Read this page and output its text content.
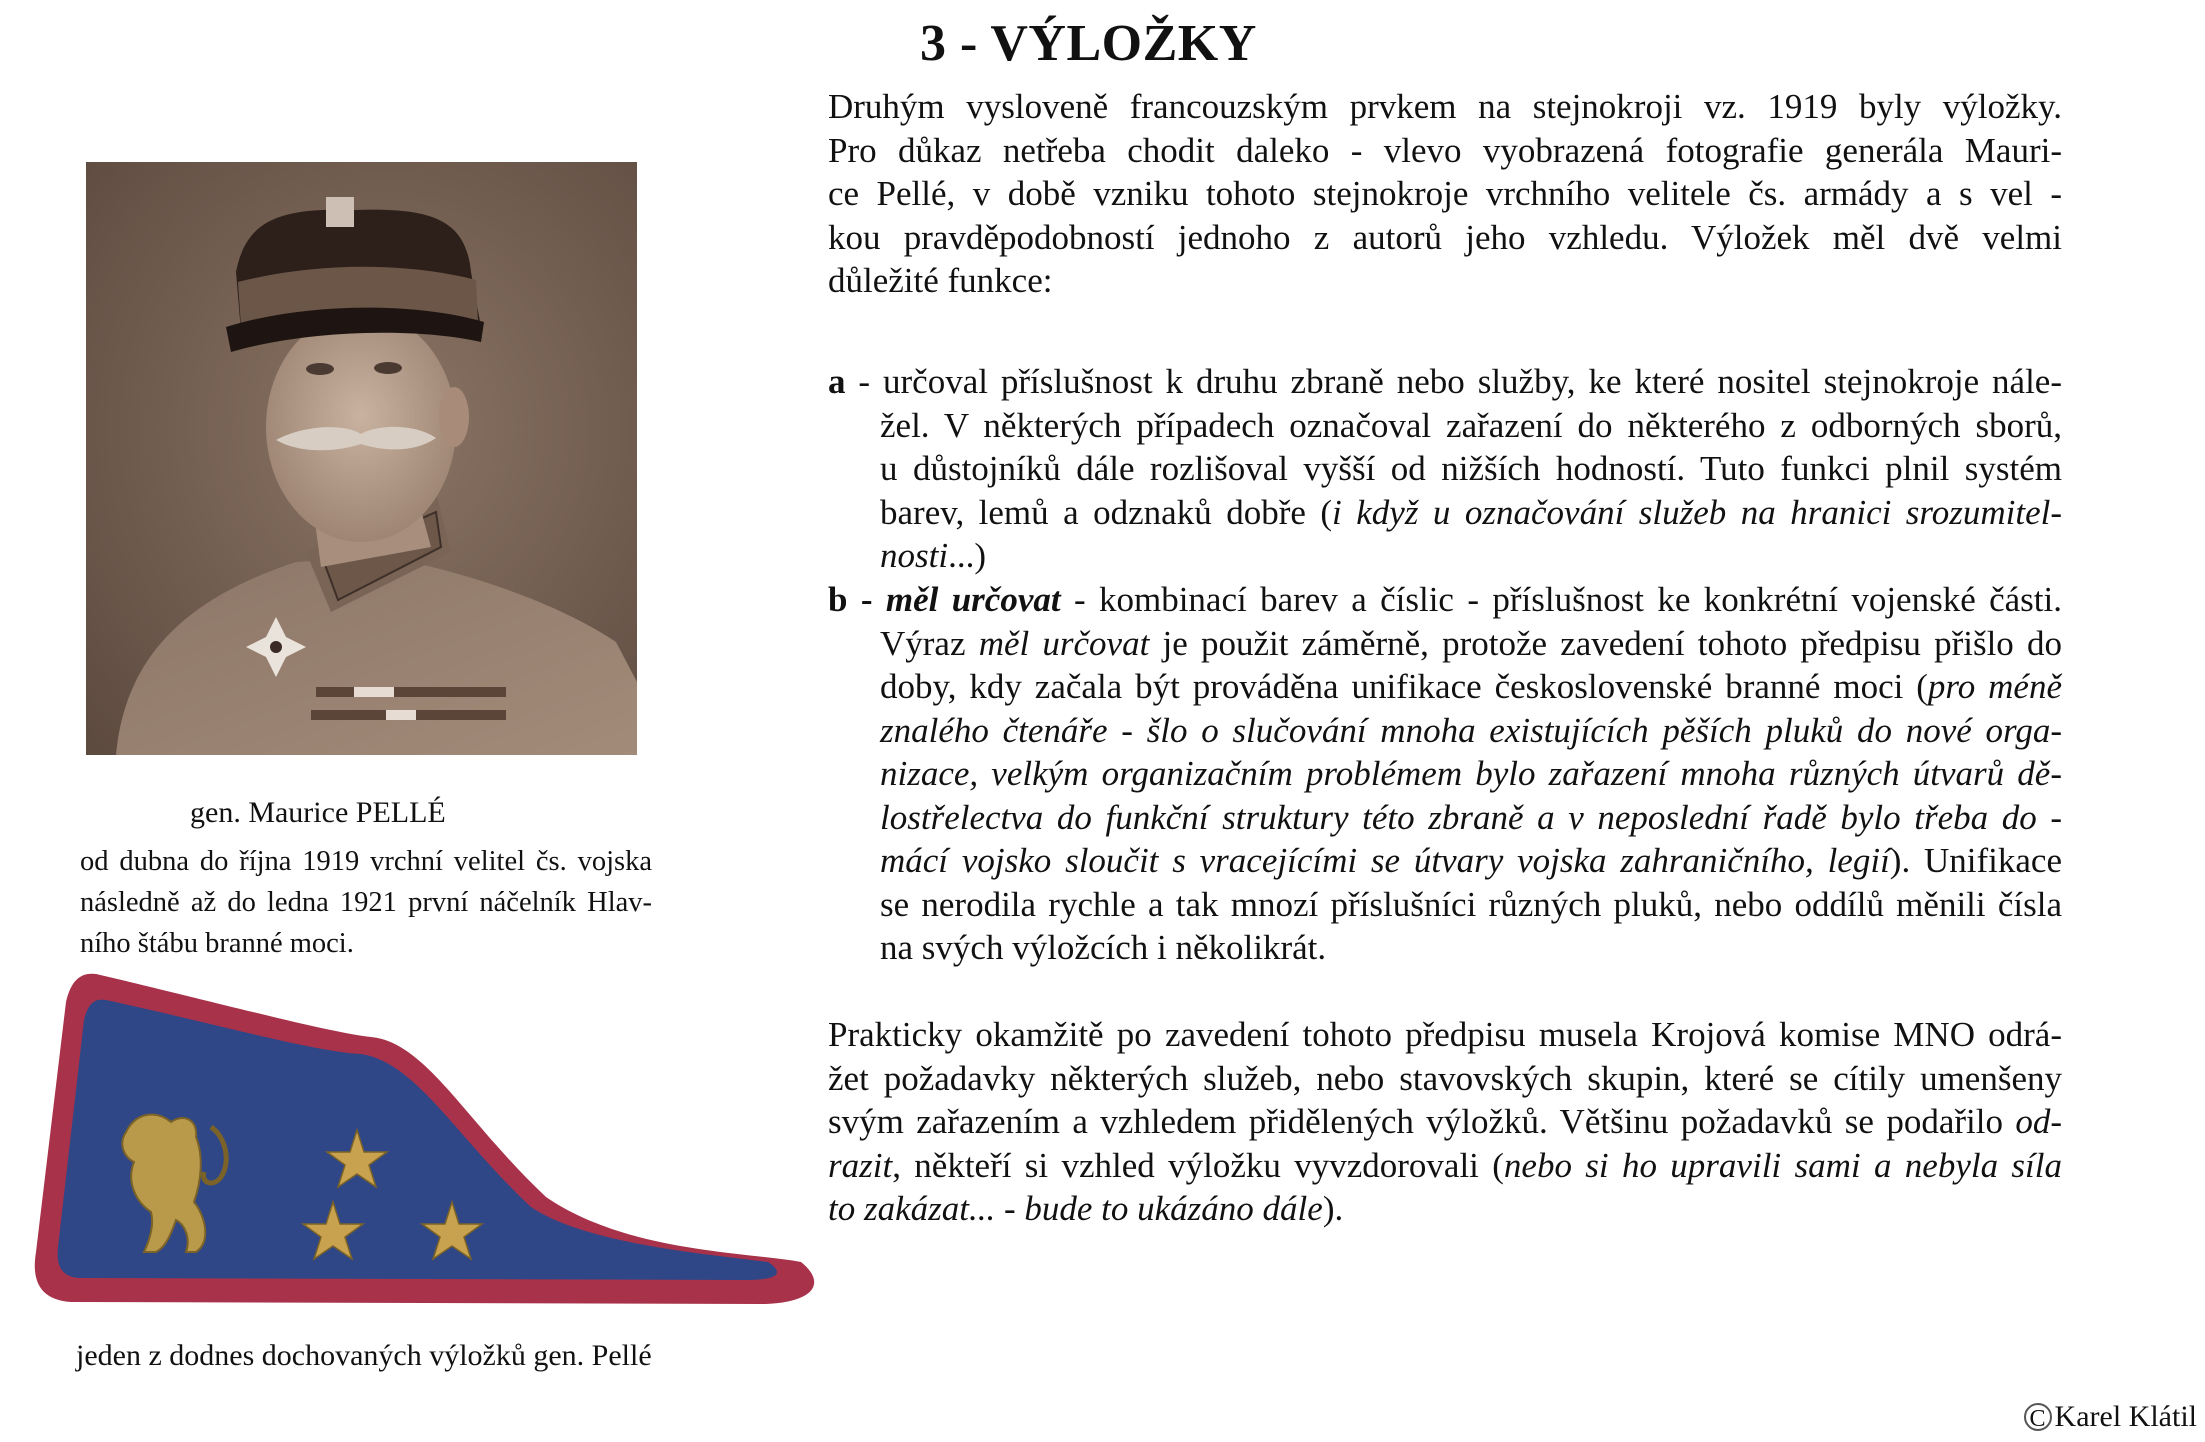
3 - VÝLOŽKY
Druhým vysloveně francouzským prvkem na stejnokroji vz. 1919 byly výložky.
Pro důkaz netřeba chodit daleko - vlevo vyobrazená fotografie generála Mauri-
ce Pellé, v době vzniku tohoto stejnokroje vrchního velitele čs. armády a s vel -
kou pravděpodobností jednoho z autorů jeho vzhledu. Výložek měl dvě velmi
důležité funkce:
a - určoval příslušnost k druhu zbraně nebo služby, ke které nositel stejnokroje nále-
žel. V některých případech označoval zařazení do některého z odborných sborů,
u důstojníků dále rozlišoval vyšší od nižších hodností. Tuto funkci plnil systém
barev, lemů a odznaků dobře (i když u označování služeb na hranici srozumitel-
nosti...)
b - měl určovat - kombinací barev a číslic - příslušnost ke konkrétní vojenské části.
Výraz měl určovat je použit záměrně, protože zavedení tohoto předpisu přišlo do
doby, kdy začala být prováděna unifikace československé branné moci (pro méně
znalého čtenáře - šlo o slučování mnoha existujících pěších pluků do nové orga-
nizace, velkým organizačním problémem bylo zařazení mnoha různých útvarů dě-
lostřelectva do funkční struktury této zbraně a v neposlední řadě bylo třeba do -
mácí vojsko sloučit s vracejícími se útvary vojska zahraničního, legií). Unifikace
se nerodila rychle a tak mnozí příslušníci různých pluků, nebo oddílů měnili čísla
na svých výložcích i několikrát.
Prakticky okamžitě po zavedení tohoto předpisu musela Krojová komise MNO odrá-
žet požadavky některých služeb, nebo stavovských skupin, které se cítily umenšeny
svým zařazením a vzhledem přidělených výložků. Většinu požadavků se podařilo od-
razit, někteří si vzhled výložku vyvzdorovali (nebo si ho upravili sami a nebyla síla
to zakázat... - bude to ukázáno dále).
gen. Maurice PELLÉ
od dubna do října 1919 vrchní velitel čs. vojska
následně až do ledna 1921 první náčelník Hlav-
ního štábu branné moci.
jeden z dodnes dochovaných výložků gen. Pellé
C Karel Klátil
